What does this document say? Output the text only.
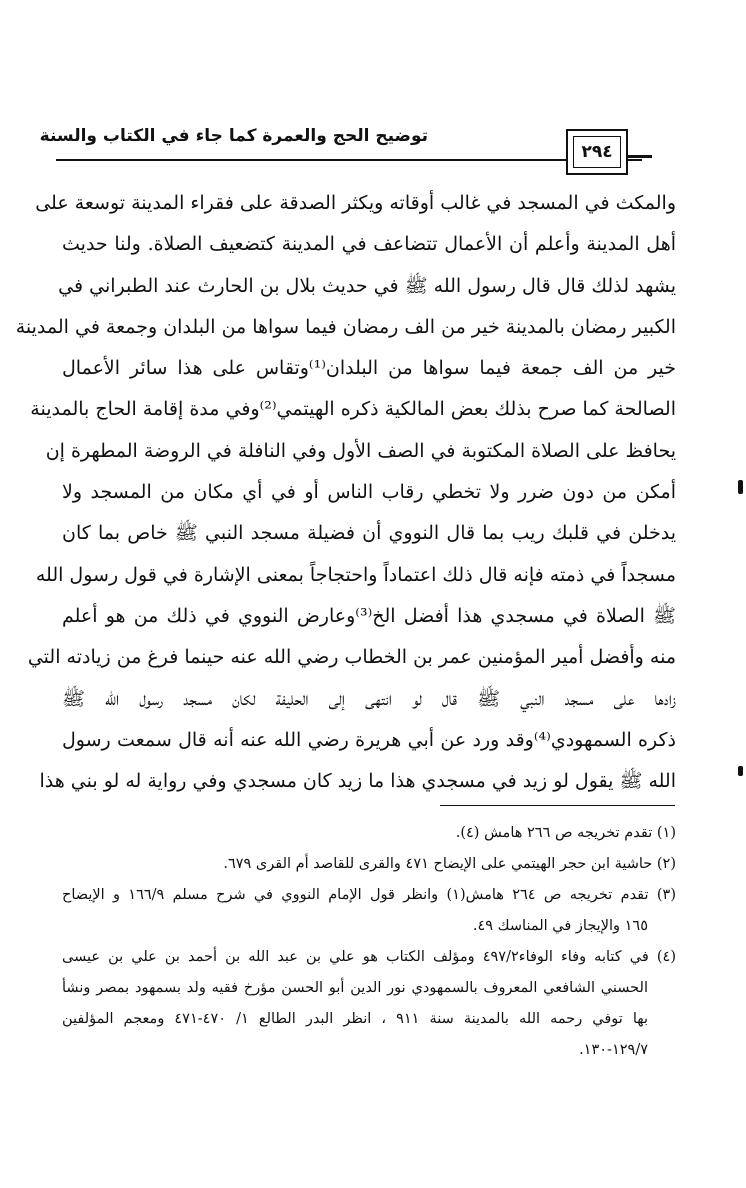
توضيح الحج والعمرة كما جاء في الكتاب والسنة
٢٩٤
والمكث في المسجد في غالب أوقاته ويكثر الصدقة على فقراء المدينة توسعة على
أهل المدينة وأعلم أن الأعمال تتضاعف في المدينة كتضعيف الصلاة. ولنا حديث
يشهد لذلك قال قال رسول الله ﷺ في حديث بلال بن الحارث عند الطبراني في
الكبير رمضان بالمدينة خير من الف رمضان فيما سواها من البلدان وجمعة في المدينة
خير من الف جمعة فيما سواها من البلدان⁽¹⁾وتقاس على هذا سائر الأعمال
الصالحة كما صرح بذلك بعض المالكية ذكره الهيتمي⁽²⁾وفي مدة إقامة الحاج بالمدينة
يحافظ على الصلاة المكتوبة في الصف الأول وفي النافلة في الروضة المطهرة إن
أمكن من دون ضرر ولا تخطي رقاب الناس أو في أي مكان من المسجد ولا
يدخلن في قلبك ريب بما قال النووي أن فضيلة مسجد النبي ﷺ خاص بما كان
مسجداً في ذمته فإنه قال ذلك اعتماداً واحتجاجاً بمعنى الإشارة في قول رسول الله
ﷺ الصلاة في مسجدي هذا أفضل الخ⁽³⁾وعارض النووي في ذلك من هو أعلم
منه وأفضل أمير المؤمنين عمر بن الخطاب رضي الله عنه حينما فرغ من زيادته التي
زادها على مسجد النبي ﷺ قال لو انتهى إلى الحليفة لكان مسجد رسول الله ﷺ
ذكره السمهودي⁽⁴⁾وقد ورد عن أبي هريرة رضي الله عنه أنه قال سمعت رسول
الله ﷺ يقول لو زيد في مسجدي هذا ما زيد كان مسجدي وفي رواية له لو بني هذا
(١) تقدم تخريجه ص ٢٦٦ هامش (٤).
(٢) حاشية ابن حجر الهيتمي على الإيضاح ٤٧١ والقرى للقاصد أم القرى ٦٧٩.
(٣) تقدم تخريجه ص ٢٦٤ هامش(١) وانظر قول الإمام النووي في شرح مسلم ١٦٦/٩ و الإيضاح
١٦٥ والإيجاز في المناسك ٤٩.
(٤) في كتابه وفاء الوفاء٤٩٧/٢ ومؤلف الكتاب هو علي بن عبد الله بن أحمد بن علي بن عيسى
الحسني الشافعي المعروف بالسمهودي نور الدين أبو الحسن مؤرخ فقيه ولد بسمهود بمصر ونشأ
بها توفي رحمه الله بالمدينة سنة ٩١١ ، انظر البدر الطالع ١/ ٤٧٠-٤٧١ ومعجم المؤلفين
١٢٩/٧-١٣٠.
